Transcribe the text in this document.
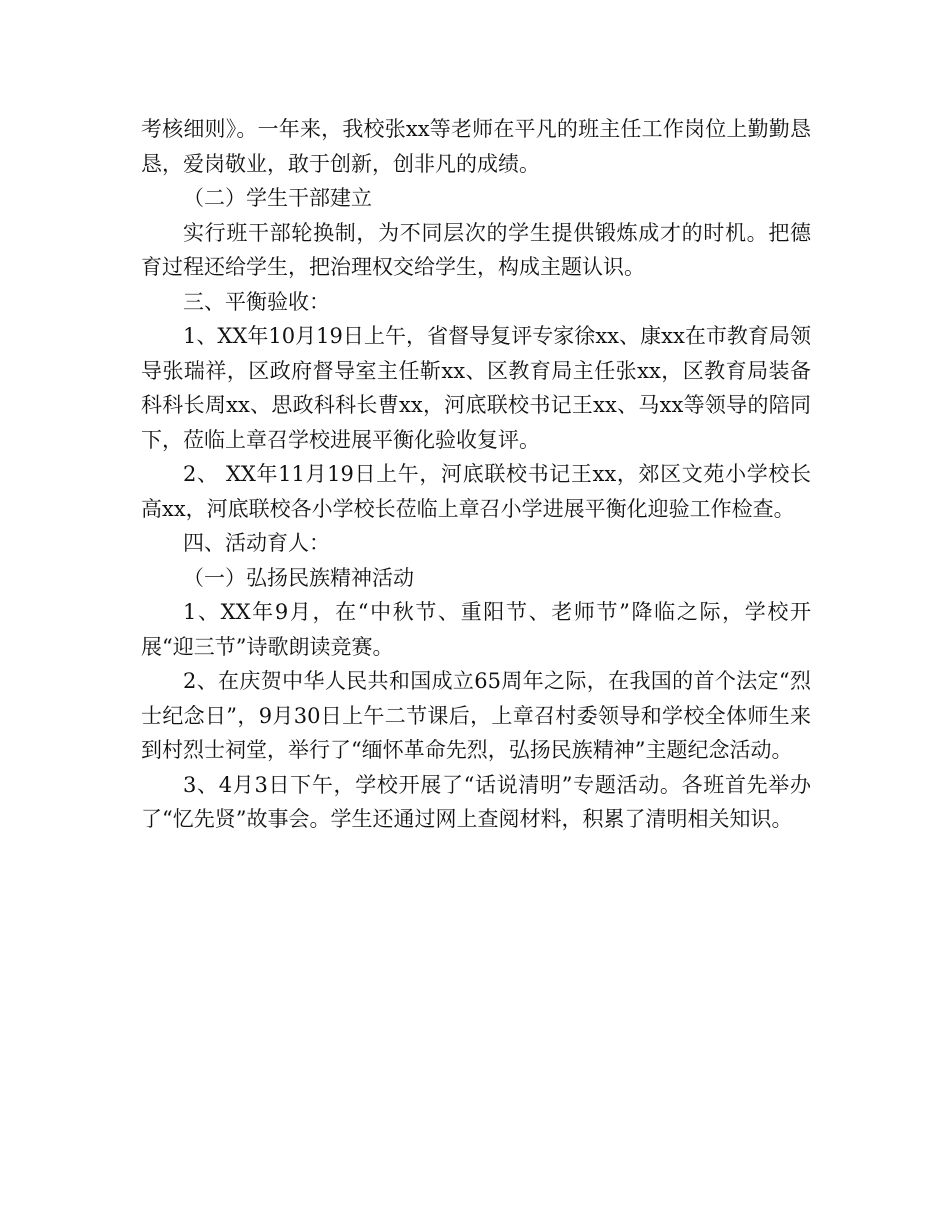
考核细则》。一年来，我校张xx等老师在平凡的班主任工作岗位上勤勤恳恳，爱岗敬业，敢于创新，创非凡的成绩。

（二）学生干部建立

实行班干部轮换制，为不同层次的学生提供锻炼成才的时机。把德育过程还给学生，把治理权交给学生，构成主题认识。

三、平衡验收：

1、XX年10月19日上午，省督导复评专家徐xx、康xx在市教育局领导张瑞祥，区政府督导室主任靳xx、区教育局主任张xx，区教育局装备科科长周xx、思政科科长曹xx，河底联校书记王xx、马xx等领导的陪同下，莅临上章召学校进展平衡化验收复评。

2、 XX年11月19日上午，河底联校书记王xx，郊区文苑小学校长高xx，河底联校各小学校长莅临上章召小学进展平衡化迎验工作检查。

四、活动育人：

（一）弘扬民族精神活动

1、XX年9月，在“中秋节、重阳节、老师节”降临之际，学校开展“迎三节”诗歌朗读竞赛。

2、在庆贺中华人民共和国成立65周年之际，在我国的首个法定“烈士纪念日”，9月30日上午二节课后，上章召村委领导和学校全体师生来到村烈士祠堂，举行了“缅怀革命先烈，弘扬民族精神”主题纪念活动。

3、4月3日下午，学校开展了“话说清明”专题活动。各班首先举办了“忆先贤”故事会。学生还通过网上查阅材料，积累了清明相关知识。
